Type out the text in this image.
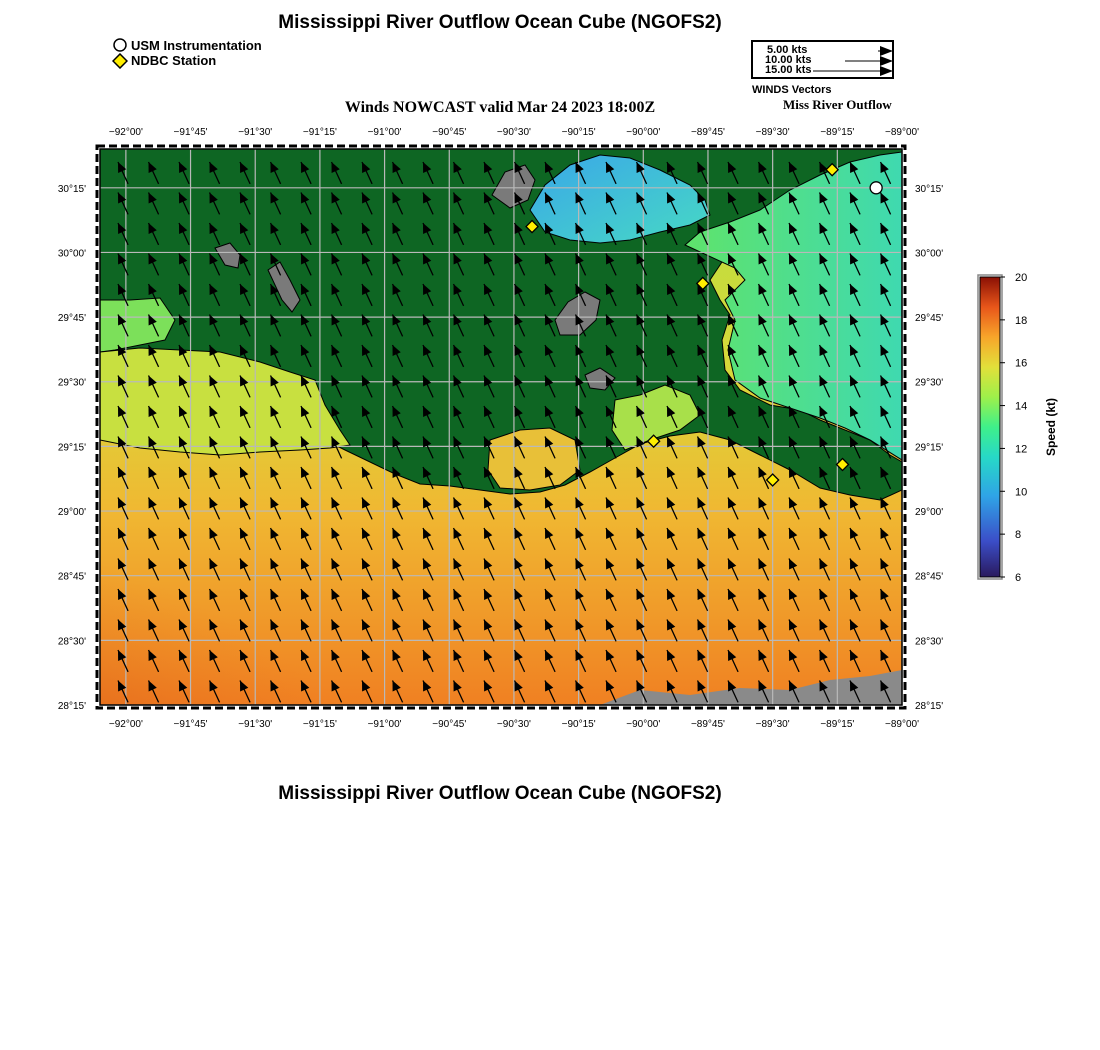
Mississippi River Outflow Ocean Cube (NGOFS2)
Mississippi River Outflow Ocean Cube (NGOFS2)
Winds NOWCAST valid Mar 24 2023 18:00Z	Miss River Outflow
USM Instrumentation
NDBC Station
5.00 kts
10.00 kts
15.00 kts
WINDS Vectors
−92°00'
−92°00'
−91°45'
−91°45'
−91°30'
−91°30'
−91°15'
−91°15'
−91°00'
−91°00'
−90°45'
−90°45'
−90°30'
−90°30'
−90°15'
−90°15'
−90°00'
−90°00'
−89°45'
−89°45'
−89°30'
−89°30'
−89°15'
−89°15'
−89°00'
−89°00'
30°15'	30°15'
30°00'	30°00'
29°45'	29°45'
29°30'	29°30'
29°15'	29°15'
29°00'	29°00'
28°45'	28°45'
28°30'	28°30'
28°15'	28°15'
20
18
16
14
12
10
8
6
Speed (kt)
